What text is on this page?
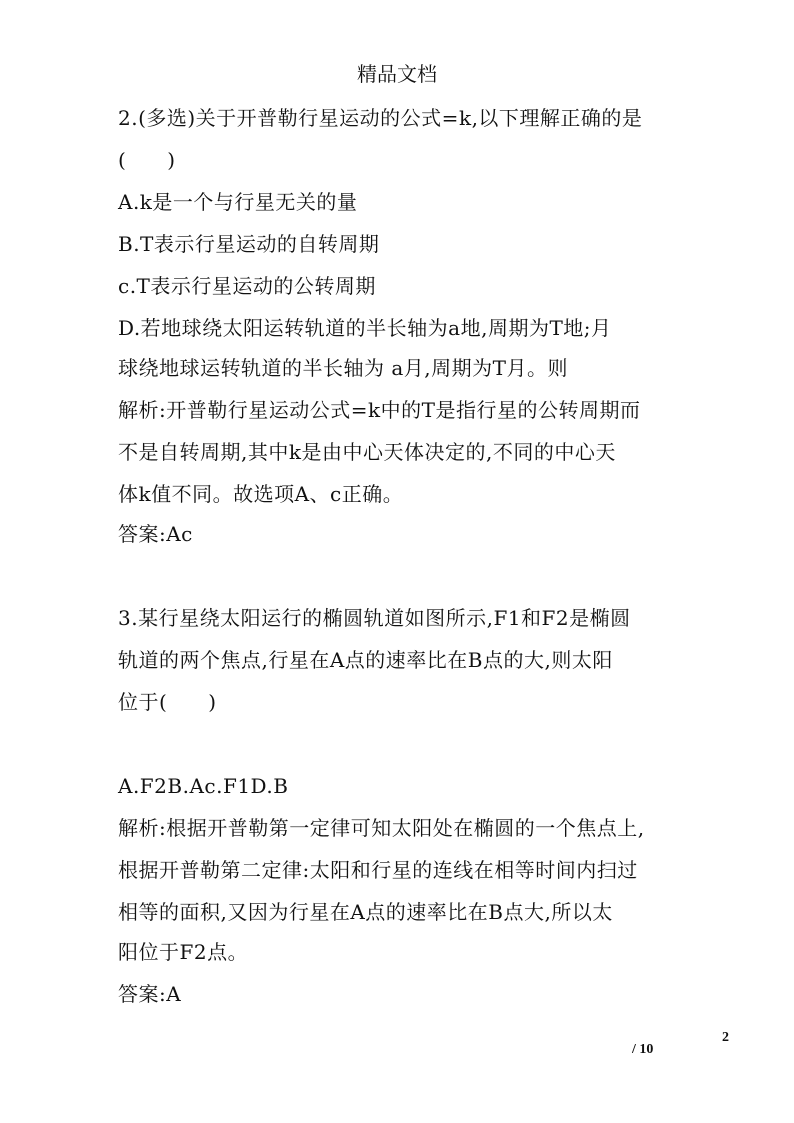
精品文档
2.(多选)关于开普勒行星运动的公式=k,以下理解正确的是
(　　)
A.k是一个与行星无关的量
B.T表示行星运动的自转周期
c.T表示行星运动的公转周期
D.若地球绕太阳运转轨道的半长轴为a地,周期为T地;月
球绕地球运转轨道的半长轴为 a月,周期为T月。则
解析:开普勒行星运动公式=k中的T是指行星的公转周期而
不是自转周期,其中k是由中心天体决定的,不同的中心天
体k值不同。故选项A、c正确。
答案:Ac
3.某行星绕太阳运行的椭圆轨道如图所示,F1和F2是椭圆
轨道的两个焦点,行星在A点的速率比在B点的大,则太阳
位于(　　)
A.F2B.Ac.F1D.B
解析:根据开普勒第一定律可知太阳处在椭圆的一个焦点上,
根据开普勒第二定律:太阳和行星的连线在相等时间内扫过
相等的面积,又因为行星在A点的速率比在B点大,所以太
阳位于F2点。
答案:A
2
/ 10
